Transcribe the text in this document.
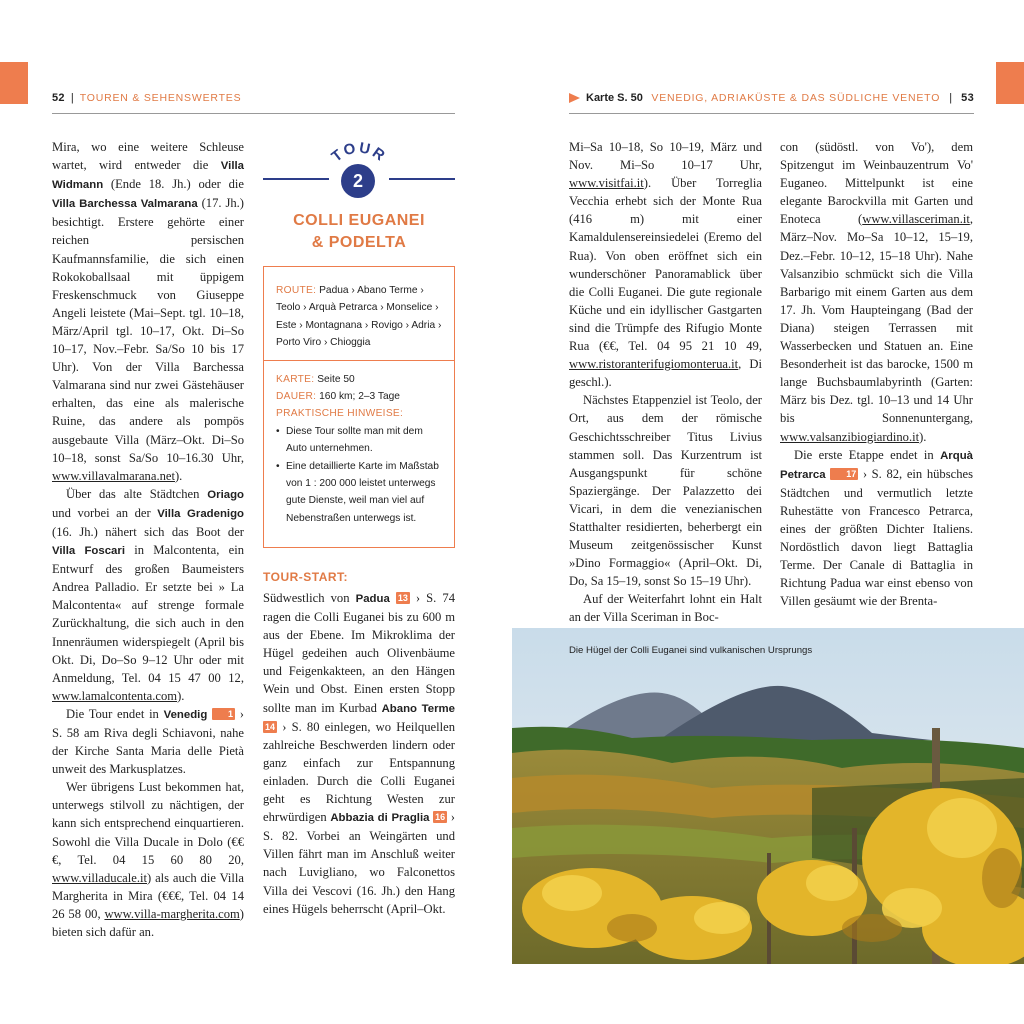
52 | TOUREN & SEHENSWERTES	Karte S. 50 VENEDIG, ADRIAKÜSTE & DAS SÜDLICHE VENETO | 53

Mira, wo eine weitere Schleuse wartet, wird entweder die Villa Widmann (Ende 18. Jh.) oder die Villa Barchessa Valmarana (17. Jh.) besichtigt. Erstere gehörte einer reichen persischen Kaufmannsfamilie, die sich einen Rokokoballsaal mit üppigem Freskenschmuck von Giuseppe Angeli leistete (Mai–Sept. tgl. 10–18, März/April tgl. 10–17, Okt. Di–So 10–17, Nov.–Febr. Sa/So 10 bis 17 Uhr). Von der Villa Barchessa Valmarana sind nur zwei Gästehäuser erhalten, das eine als malerische Ruine, das andere als pompös ausgebaute Villa (März–Okt. Di–So 10–18, sonst Sa/So 10–16.30 Uhr, www.villavalmarana.net).

Über das alte Städtchen Oriago und vorbei an der Villa Gradenigo (16. Jh.) nähert sich das Boot der Villa Foscari in Malcontenta, ein Entwurf des großen Baumeisters Andrea Palladio. Er setzte bei » La Malcontenta« auf strenge formale Zurückhaltung, die sich auch in den Innenräumen widerspiegelt (April bis Okt. Di, Do–So 9–12 Uhr oder mit Anmeldung, Tel. 04 15 47 00 12, www.lamalcontenta.com).

Die Tour endet in Venedig 1 › S. 58 am Riva degli Schiavoni, nahe der Kirche Santa Maria delle Pietà unweit des Markusplatzes.

Wer übrigens Lust bekommen hat, unterwegs stilvoll zu nächtigen, der kann sich entsprechend einquartieren. Sowohl die Villa Ducale in Dolo (€€€, Tel. 04 15 60 80 20, www.villaducale.it) als auch die Villa Margherita in Mira (€€€, Tel. 04 14 26 58 00, www.villa-margherita.com) bieten sich dafür an.

TOUR
2
COLLI EUGANEI
& PODELTA
ROUTE: Padua › Abano Terme › Teolo › Arquà Petrarca › Monselice › Este › Montagnana › Rovigo › Adria › Porto Viro › Chioggia
KARTE: Seite 50
DAUER: 160 km; 2–3 Tage
PRAKTISCHE HINWEISE:
• Diese Tour sollte man mit dem Auto unternehmen.
• Eine detaillierte Karte im Maßstab von 1 : 200 000 leistet unterwegs gute Dienste, weil man viel auf Nebenstraßen unterwegs ist.
TOUR-START:

Südwestlich von Padua 13 › S. 74 ragen die Colli Euganei bis zu 600 m aus der Ebene. Im Mikroklima der Hügel gedeihen auch Olivenbäume und Feigenkakteen, an den Hängen Wein und Obst. Einen ersten Stopp sollte man im Kurbad Abano Terme 14 › S. 80 einlegen, wo Heilquellen zahlreiche Beschwerden lindern oder ganz einfach zur Entspannung einladen. Durch die Colli Euganei geht es Richtung Westen zur ehrwürdigen Abbazia di Praglia 16 › S. 82. Vorbei an Weingärten und Villen fährt man im Anschluß weiter nach Luvigliano, wo Falconettos Villa dei Vescovi (16. Jh.) den Hang eines Hügels beherrscht (April–Okt.

Mi–Sa 10–18, So 10–19, März und Nov. Mi–So 10–17 Uhr, www.visitfai.it). Über Torreglia Vecchia erhebt sich der Monte Rua (416 m) mit einer Kamaldulensereinsiedelei (Eremo del Rua). Von oben eröffnet sich ein wunderschöner Panoramablick über die Colli Euganei. Die gute regionale Küche und ein idyllischer Gastgarten sind die Trümpfe des Rifugio Monte Rua (€€, Tel. 04 95 21 10 49, www.ristoranterifugiomonterua.it, Di geschl.).

Nächstes Etappenziel ist Teolo, der Ort, aus dem der römische Geschichtsschreiber Titus Livius stammen soll. Das Kurzentrum ist Ausgangspunkt für schöne Spaziergänge. Der Palazzetto dei Vicari, in dem die venezianischen Statthalter residierten, beherbergt ein Museum zeitgenössischer Kunst »Dino Formaggio« (April–Okt. Di, Do, Sa 15–19, sonst So 15–19 Uhr).

Auf der Weiterfahrt lohnt ein Halt an der Villa Sceriman in Boc-

con (südöstl. von Vo'), dem Spitzengut im Weinbauzentrum Vo' Euganeo. Mittelpunkt ist eine elegante Barockvilla mit Garten und Enoteca (www.villasceriman.it, März–Nov. Mo–Sa 10–12, 15–19, Dez.–Febr. 10–12, 15–18 Uhr). Nahe Valsanzibio schmückt sich die Villa Barbarigo mit einem Garten aus dem 17. Jh. Vom Haupteingang (Bad der Diana) steigen Terrassen mit Wasserbecken und Statuen an. Eine Besonderheit ist das barocke, 1500 m lange Buchsbaumlabyrinth (Garten: März bis Dez. tgl. 10–13 und 14 Uhr bis Sonnenuntergang, www.valsanzibiogiardino.it).

Die erste Etappe endet in Arquà Petrarca 17 › S. 82, ein hübsches Städtchen und vermutlich letzte Ruhestätte von Francesco Petrarca, eines der größten Dichter Italiens. Nordöstlich davon liegt Battaglia Terme. Der Canale di Battaglia in Richtung Padua war einst ebenso von Villen gesäumt wie der Brenta-

Die Hügel der Colli Euganei sind vulkanischen Ursprungs
